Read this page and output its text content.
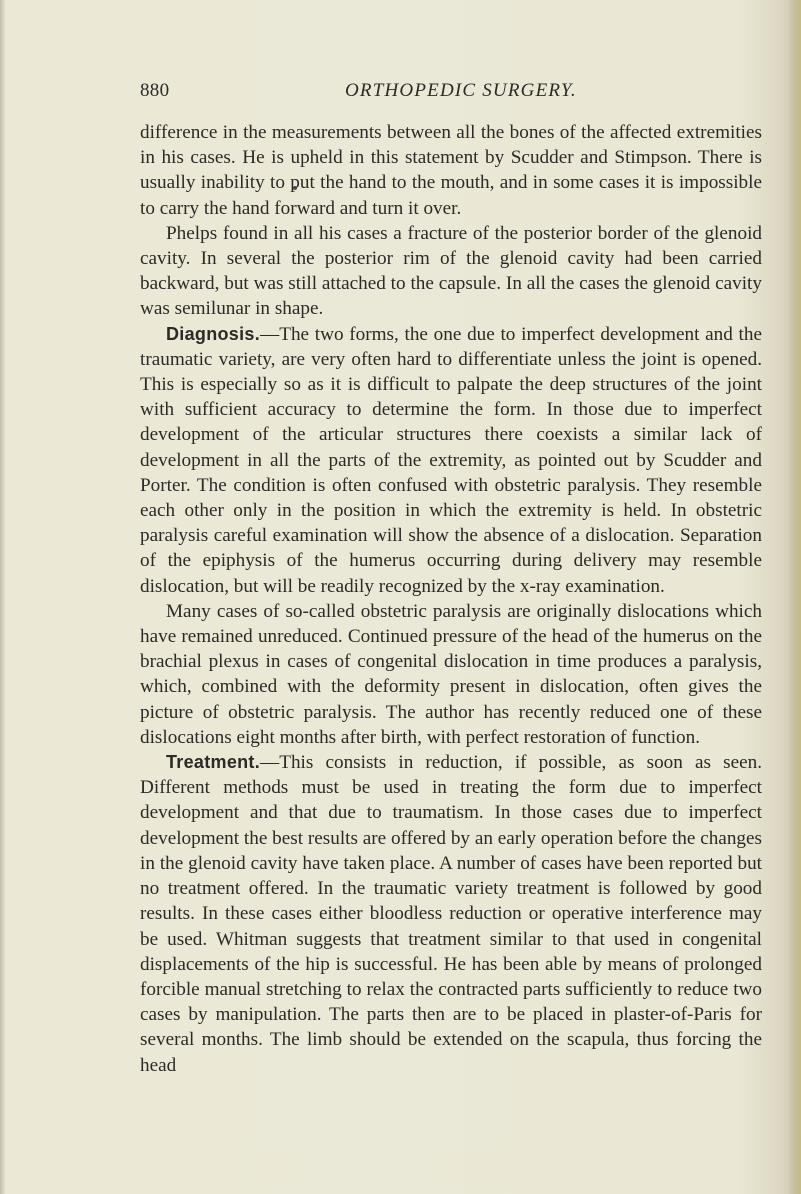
880	ORTHOPEDIC SURGERY.

difference in the measurements between all the bones of the affected extremities in his cases. He is upheld in this statement by Scudder and Stimpson. There is usually inability to put the hand to the mouth, and in some cases it is impossible to carry the hand forward and turn it over.

Phelps found in all his cases a fracture of the posterior border of the glenoid cavity. In several the posterior rim of the glenoid cavity had been carried backward, but was still attached to the capsule. In all the cases the glenoid cavity was semilunar in shape.

Diagnosis.—The two forms, the one due to imperfect development and the traumatic variety, are very often hard to differentiate unless the joint is opened. This is especially so as it is difficult to palpate the deep structures of the joint with sufficient accuracy to determine the form. In those due to imperfect development of the articular structures there coexists a similar lack of development in all the parts of the extremity, as pointed out by Scudder and Porter. The condition is often confused with obstetric paralysis. They resemble each other only in the position in which the extremity is held. In obstetric paralysis careful examination will show the absence of a dislocation. Separation of the epiphysis of the humerus occurring during delivery may resemble dislocation, but will be readily recognized by the x-ray examination.

Many cases of so-called obstetric paralysis are originally dislocations which have remained unreduced. Continued pressure of the head of the humerus on the brachial plexus in cases of congenital dislocation in time produces a paralysis, which, combined with the deformity present in dislocation, often gives the picture of obstetric paralysis. The author has recently reduced one of these dislocations eight months after birth, with perfect restoration of function.

Treatment.—This consists in reduction, if possible, as soon as seen. Different methods must be used in treating the form due to imperfect development and that due to traumatism. In those cases due to imperfect development the best results are offered by an early operation before the changes in the glenoid cavity have taken place. A number of cases have been reported but no treatment offered. In the traumatic variety treatment is followed by good results. In these cases either bloodless reduction or operative interference may be used. Whitman suggests that treatment similar to that used in congenital displacements of the hip is successful. He has been able by means of prolonged forcible manual stretching to relax the contracted parts sufficiently to reduce two cases by manipulation. The parts then are to be placed in plaster-of-Paris for several months. The limb should be extended on the scapula, thus forcing the head
